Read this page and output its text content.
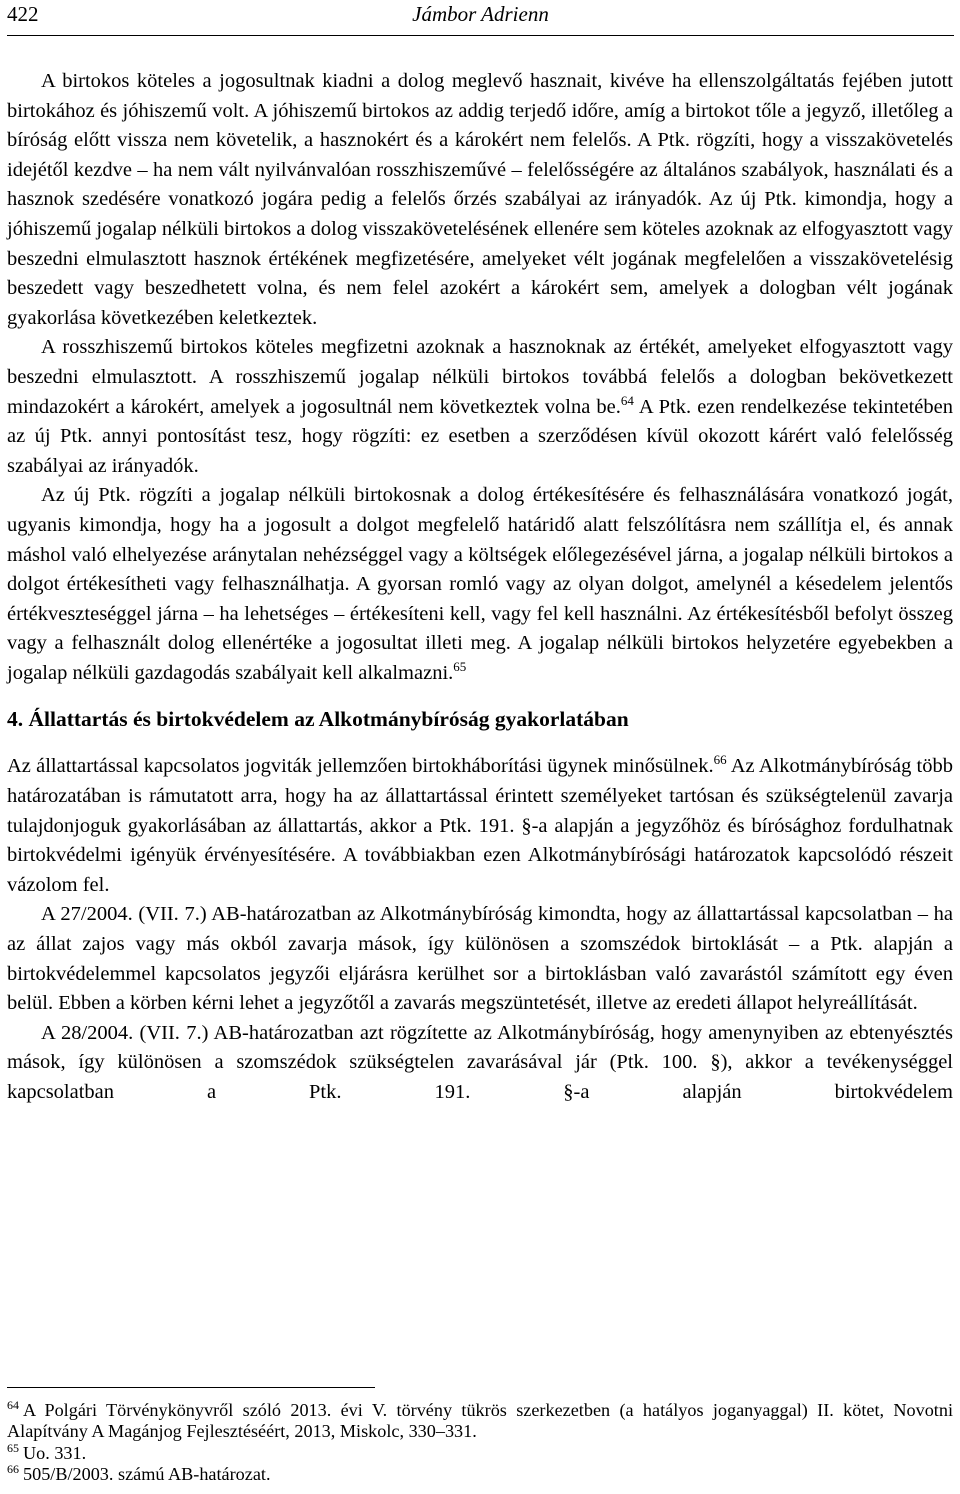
422	Jámbor Adrienn

A birtokos köteles a jogosultnak kiadni a dolog meglevő hasznait, kivéve ha ellenszolgáltatás fejében jutott birtokához és jóhiszemű volt. A jóhiszemű birtokos az addig terjedő időre, amíg a birtokot tőle a jegyző, illetőleg a bíróság előtt vissza nem követelik, a hasznokért és a károkért nem felelős. A Ptk. rögzíti, hogy a visszakövetelés idejétől kezdve – ha nem vált nyilvánvalóan rosszhiszeművé – felelősségére az általános szabályok, használati és a hasznok szedésére vonatkozó jogára pedig a felelős őrzés szabályai az irányadók. Az új Ptk. kimondja, hogy a jóhiszemű jogalap nélküli birtokos a dolog visszakövetelésének ellenére sem köteles azoknak az elfogyasztott vagy beszedni elmulasztott hasznok értékének megfizetésére, amelyeket vélt jogának megfelelően a visszakövetelésig beszedett vagy beszedhetett volna, és nem felel azokért a károkért sem, amelyek a dologban vélt jogának gyakorlása következében keletkeztek.

A rosszhiszemű birtokos köteles megfizetni azoknak a hasznoknak az értékét, amelyeket elfogyasztott vagy beszedni elmulasztott. A rosszhiszemű jogalap nélküli birtokos továbbá felelős a dologban bekövetkezett mindazokért a károkért, amelyek a jogosultnál nem következtek volna be.$^{64}$ A Ptk. ezen rendelkezése tekintetében az új Ptk. annyi pontosítást tesz, hogy rögzíti: ez esetben a szerződésen kívül okozott kárért való felelősség szabályai az irányadók.

Az új Ptk. rögzíti a jogalap nélküli birtokosnak a dolog értékesítésére és felhasználására vonatkozó jogát, ugyanis kimondja, hogy ha a jogosult a dolgot megfelelő határidő alatt felszólításra nem szállítja el, és annak máshol való elhelyezése aránytalan nehézséggel vagy a költségek előlegezésével járna, a jogalap nélküli birtokos a dolgot értékesítheti vagy felhasználhatja. A gyorsan romló vagy az olyan dolgot, amelynél a késedelem jelentős értékveszteséggel járna – ha lehetséges – értékesíteni kell, vagy fel kell használni. Az értékesítésből befolyt összeg vagy a felhasznált dolog ellenértéke a jogosultat illeti meg. A jogalap nélküli birtokos helyzetére egyebekben a jogalap nélküli gazdagodás szabályait kell alkalmazni.$^{65}$

4. Állattartás és birtokvédelem az Alkotmánybíróság gyakorlatában

Az állattartással kapcsolatos jogviták jellemzően birtokháborítási ügynek minősülnek.$^{66}$ Az Alkotmánybíróság több határozatában is rámutatott arra, hogy ha az állattartással érintett személyeket tartósan és szükségtelenül zavarja tulajdonjoguk gyakorlásában az állattartás, akkor a Ptk. 191. §-a alapján a jegyzőhöz és bírósághoz fordulhatnak birtokvédelmi igényük érvényesítésére. A továbbiakban ezen Alkotmánybírósági határozatok kapcsolódó részeit vázolom fel.

A 27/2004. (VII. 7.) AB-határozatban az Alkotmánybíróság kimondta, hogy az állattartással kapcsolatban – ha az állat zajos vagy más okból zavarja mások, így különösen a szomszédok birtoklását – a Ptk. alapján a birtokvédelemmel kapcsolatos jegyzői eljárásra kerülhet sor a birtoklásban való zavarástól számított egy éven belül. Ebben a körben kérni lehet a jegyzőtől a zavarás megszüntetését, illetve az eredeti állapot helyreállítását.

A 28/2004. (VII. 7.) AB-határozatban azt rögzítette az Alkotmánybíróság, hogy amenynyiben az ebtenyésztés mások, így különösen a szomszédok szükségtelen zavarásával jár (Ptk. 100. §), akkor a tevékenységgel kapcsolatban a Ptk. 191. §-a alapján birtokvédelem

$^{64}$ A Polgári Törvénykönyvről szóló 2013. évi V. törvény tükrös szerkezetben (a hatályos joganyaggal) II. kötet, Novotni Alapítvány A Magánjog Fejlesztéséért, 2013, Miskolc, 330–331.

$^{65}$ Uo. 331.

$^{66}$ 505/B/2003. számú AB-határozat.
